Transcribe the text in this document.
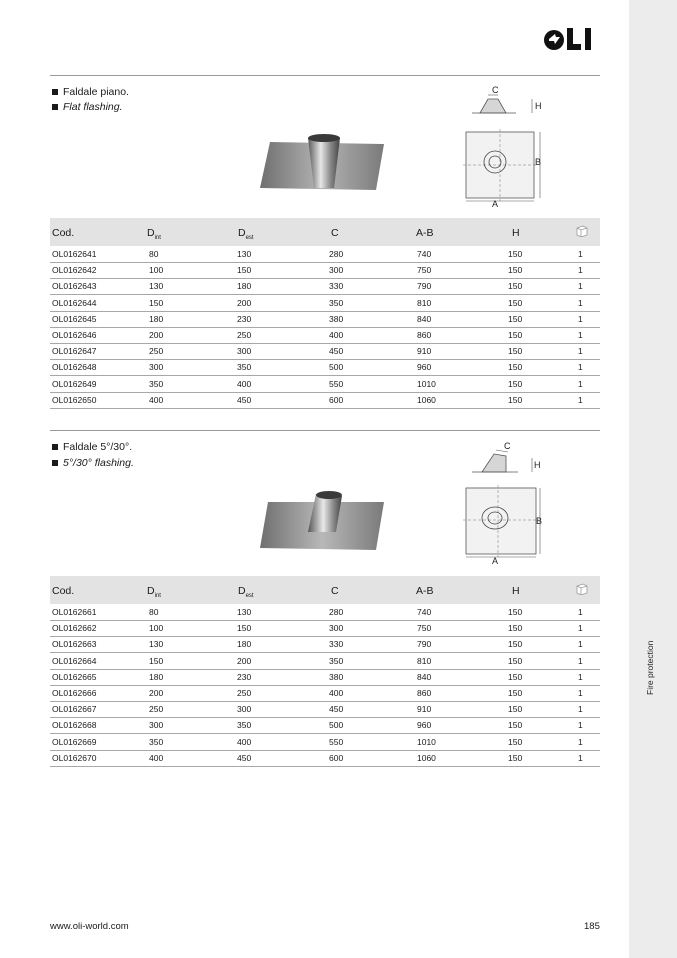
Fire protection
Faldale piano.
Flat flashing.
C
H
B
A
Cod.	$D_{int}$	$D_{est}$	C	A-B	H
OL0162641	80	130	280	740	150	1
OL0162642	100	150	300	750	150	1
OL0162643	130	180	330	790	150	1
OL0162644	150	200	350	810	150	1
OL0162645	180	230	380	840	150	1
OL0162646	200	250	400	860	150	1
OL0162647	250	300	450	910	150	1
OL0162648	300	350	500	960	150	1
OL0162649	350	400	550	1010	150	1
OL0162650	400	450	600	1060	150	1
Faldale 5°/30°.
5°/30° flashing.
C
H
B
A
Cod.	$D_{int}$	$D_{est}$	C	A-B	H
OL0162661	80	130	280	740	150	1
OL0162662	100	150	300	750	150	1
OL0162663	130	180	330	790	150	1
OL0162664	150	200	350	810	150	1
OL0162665	180	230	380	840	150	1
OL0162666	200	250	400	860	150	1
OL0162667	250	300	450	910	150	1
OL0162668	300	350	500	960	150	1
OL0162669	350	400	550	1010	150	1
OL0162670	400	450	600	1060	150	1
www.oli-world.com	185
